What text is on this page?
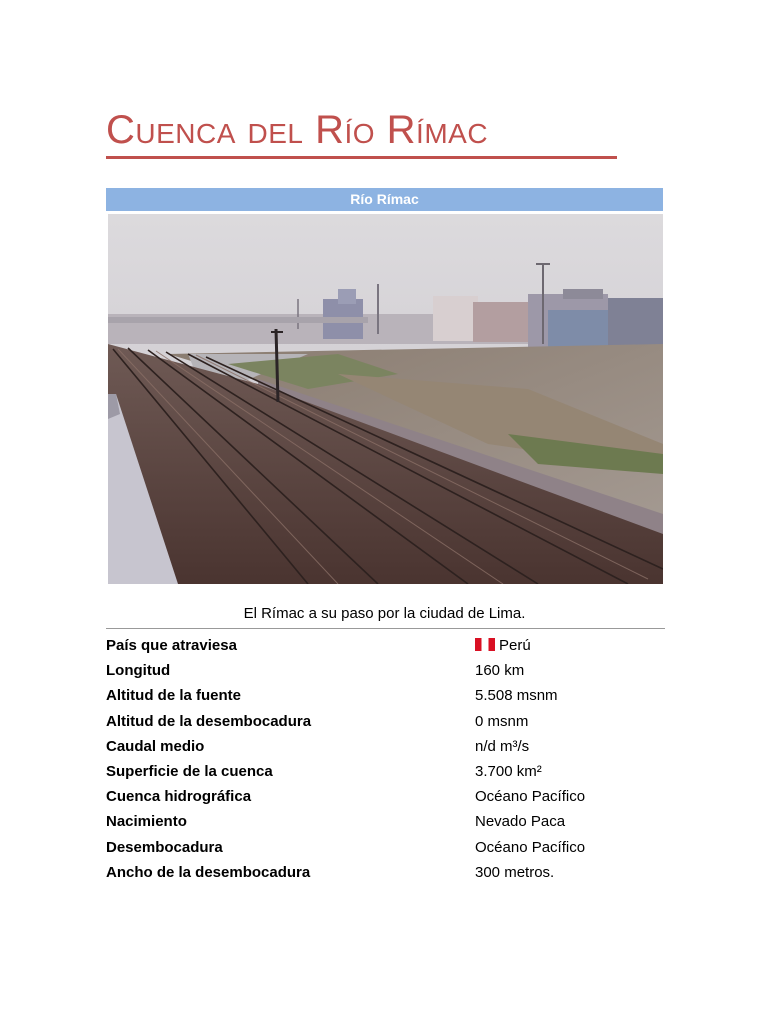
Cuenca del Río Rímac
Río Rímac
El Rímac a su paso por la ciudad de Lima.
País que atraviesa	Perú
Longitud	160 km
Altitud de la fuente	5.508 msnm
Altitud de la desembocadura	0 msnm
Caudal medio	n/d m³/s
Superficie de la cuenca	3.700 km²
Cuenca hidrográfica	Océano Pacífico
Nacimiento	Nevado Paca
Desembocadura	Océano Pacífico
Ancho de la desembocadura	300 metros.
